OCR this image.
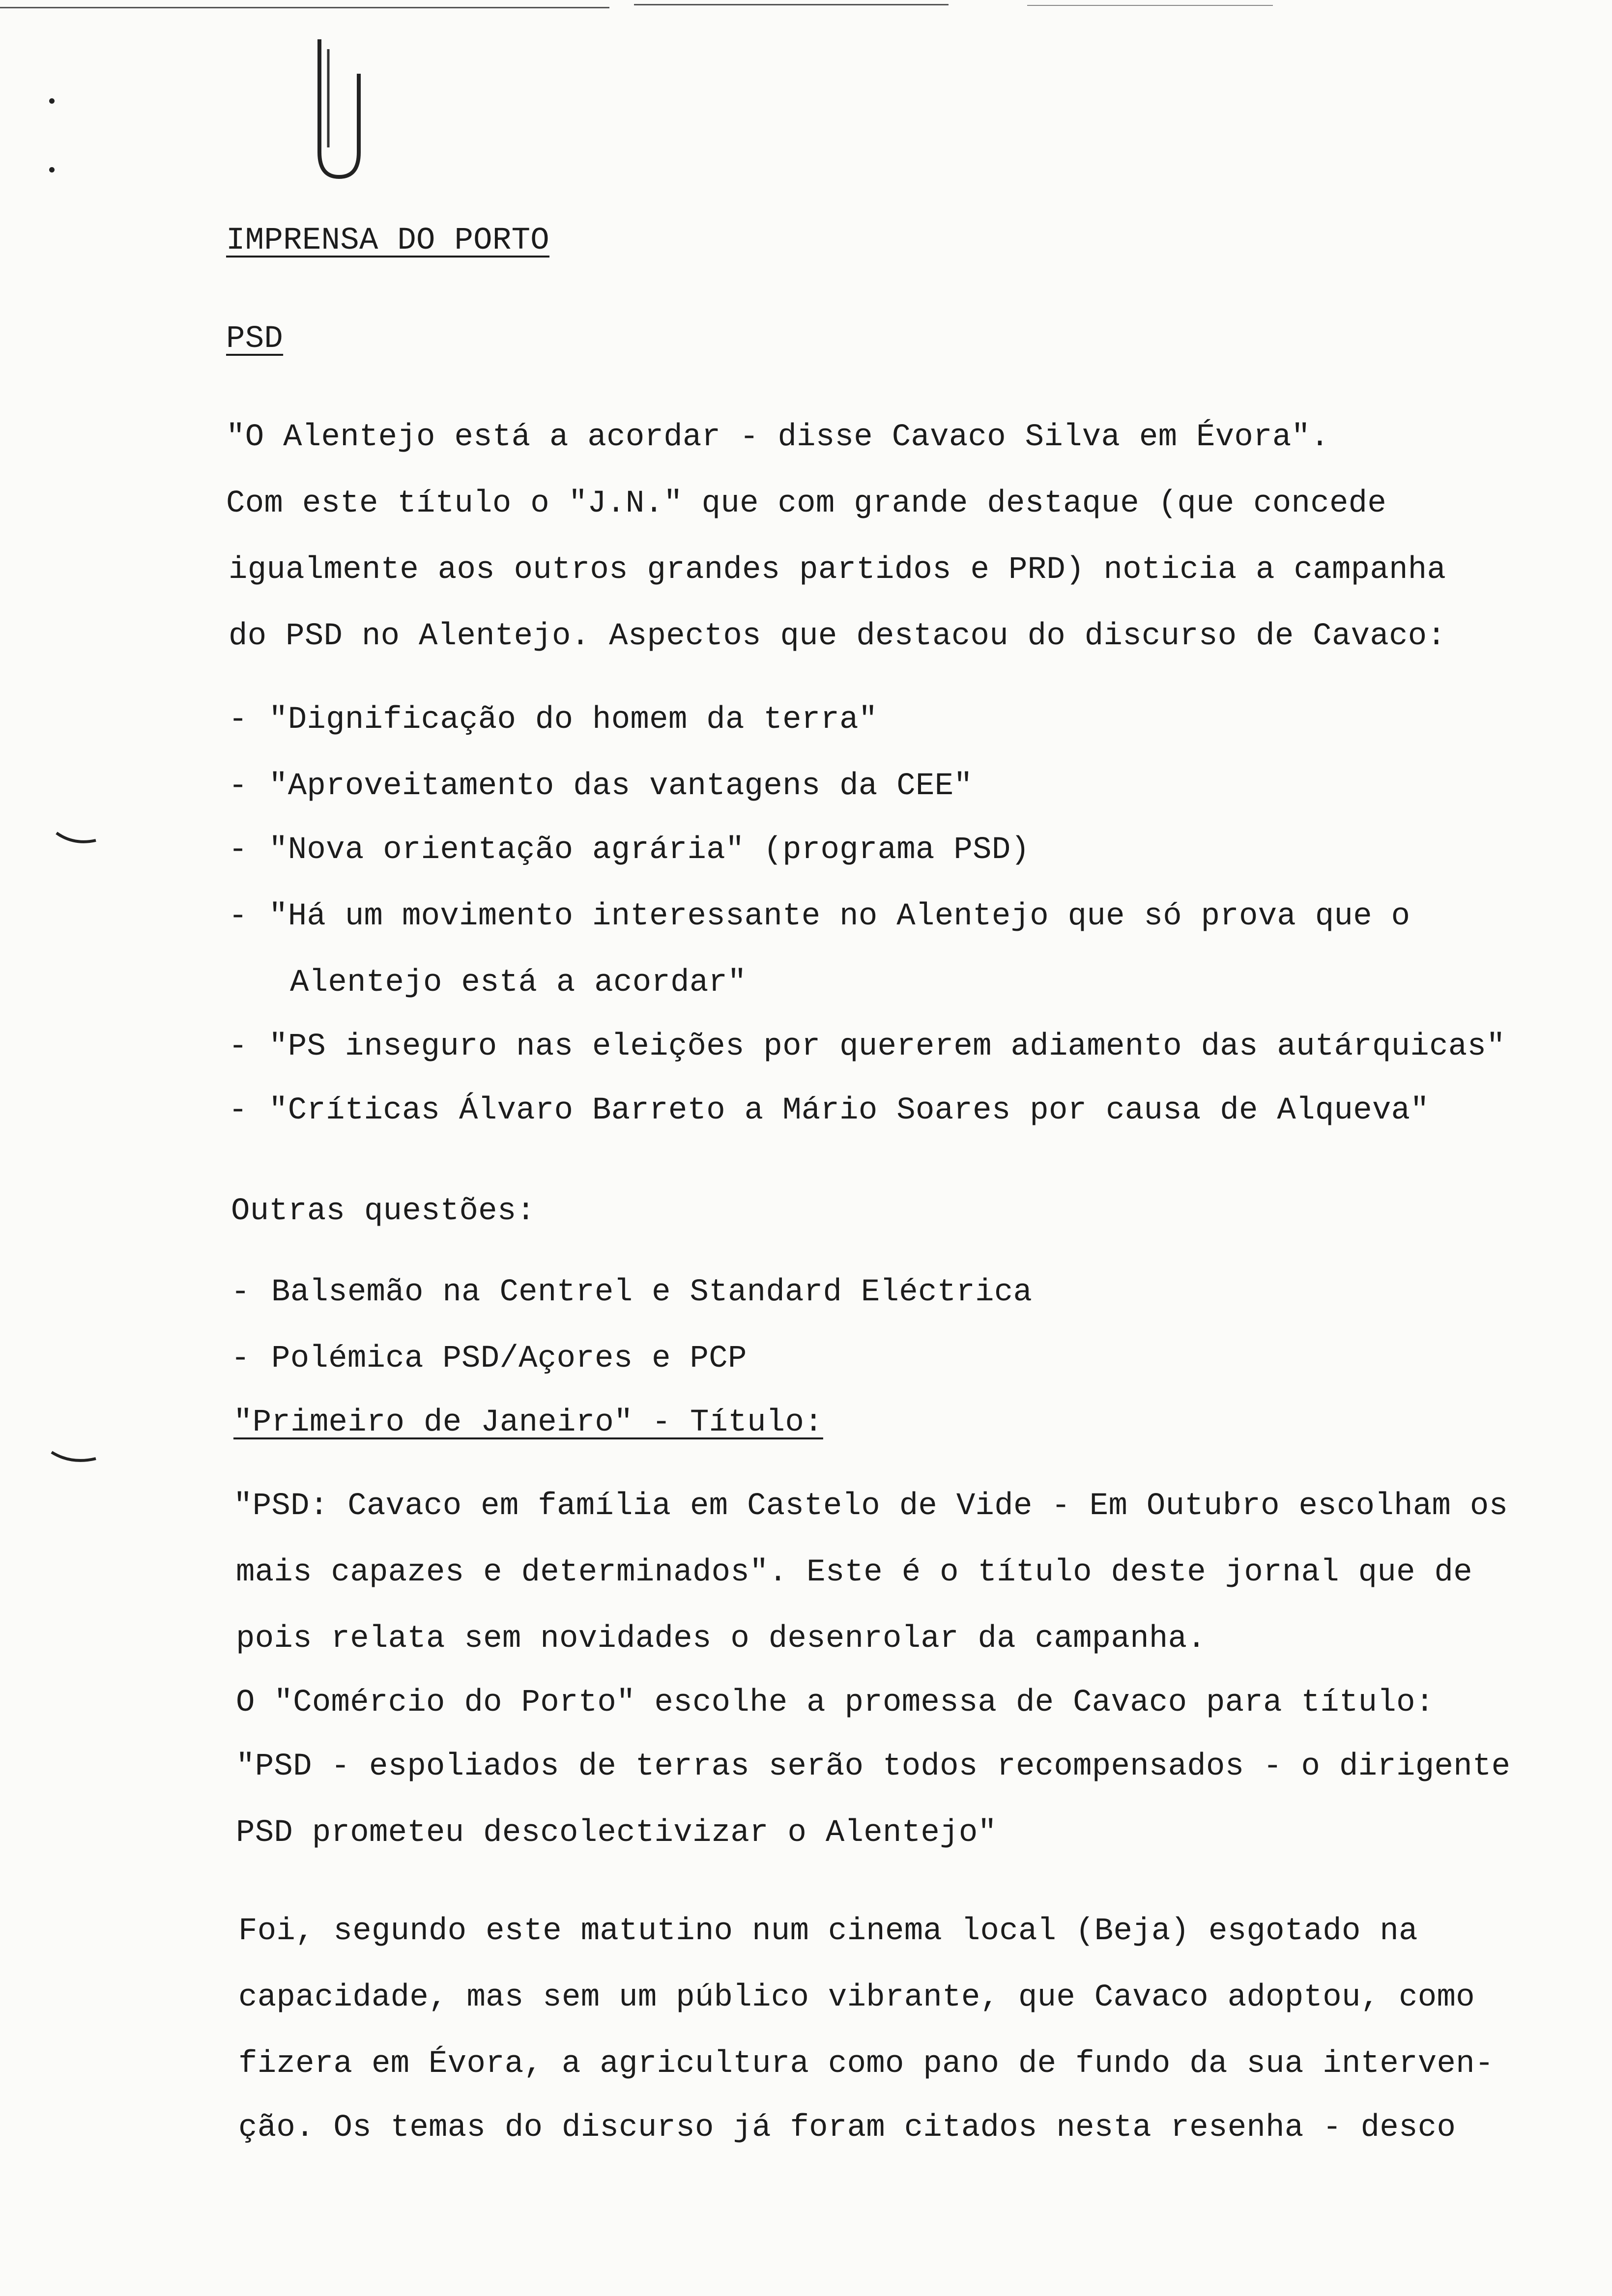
IMPRENSA DO PORTO
PSD
"O Alentejo está a acordar - disse Cavaco Silva em Évora".
Com este título o "J.N." que com grande destaque (que concede
igualmente aos outros grandes partidos e PRD) noticia a campanha
do PSD no Alentejo. Aspectos que destacou do discurso de Cavaco:
- "Dignificação do homem da terra"
- "Aproveitamento das vantagens da CEE"
- "Nova orientação agrária" (programa PSD)
- "Há um movimento interessante no Alentejo que só prova que o
Alentejo está a acordar"
- "PS inseguro nas eleições por quererem adiamento das autárquicas"
- "Críticas Álvaro Barreto a Mário Soares por causa de Alqueva"
Outras questões:
- Balsemão na Centrel e Standard Eléctrica
- Polémica PSD/Açores e PCP
"Primeiro de Janeiro" - Título:
"PSD: Cavaco em família em Castelo de Vide - Em Outubro escolham os
mais capazes e determinados". Este é o título deste jornal que de
pois relata sem novidades o desenrolar da campanha.
O "Comércio do Porto" escolhe a promessa de Cavaco para título:
"PSD - espoliados de terras serão todos recompensados - o dirigente
PSD prometeu descolectivizar o Alentejo"
Foi, segundo este matutino num cinema local (Beja) esgotado na
capacidade, mas sem um público vibrante, que Cavaco adoptou, como
fizera em Évora, a agricultura como pano de fundo da sua interven-
ção. Os temas do discurso já foram citados nesta resenha - desco
